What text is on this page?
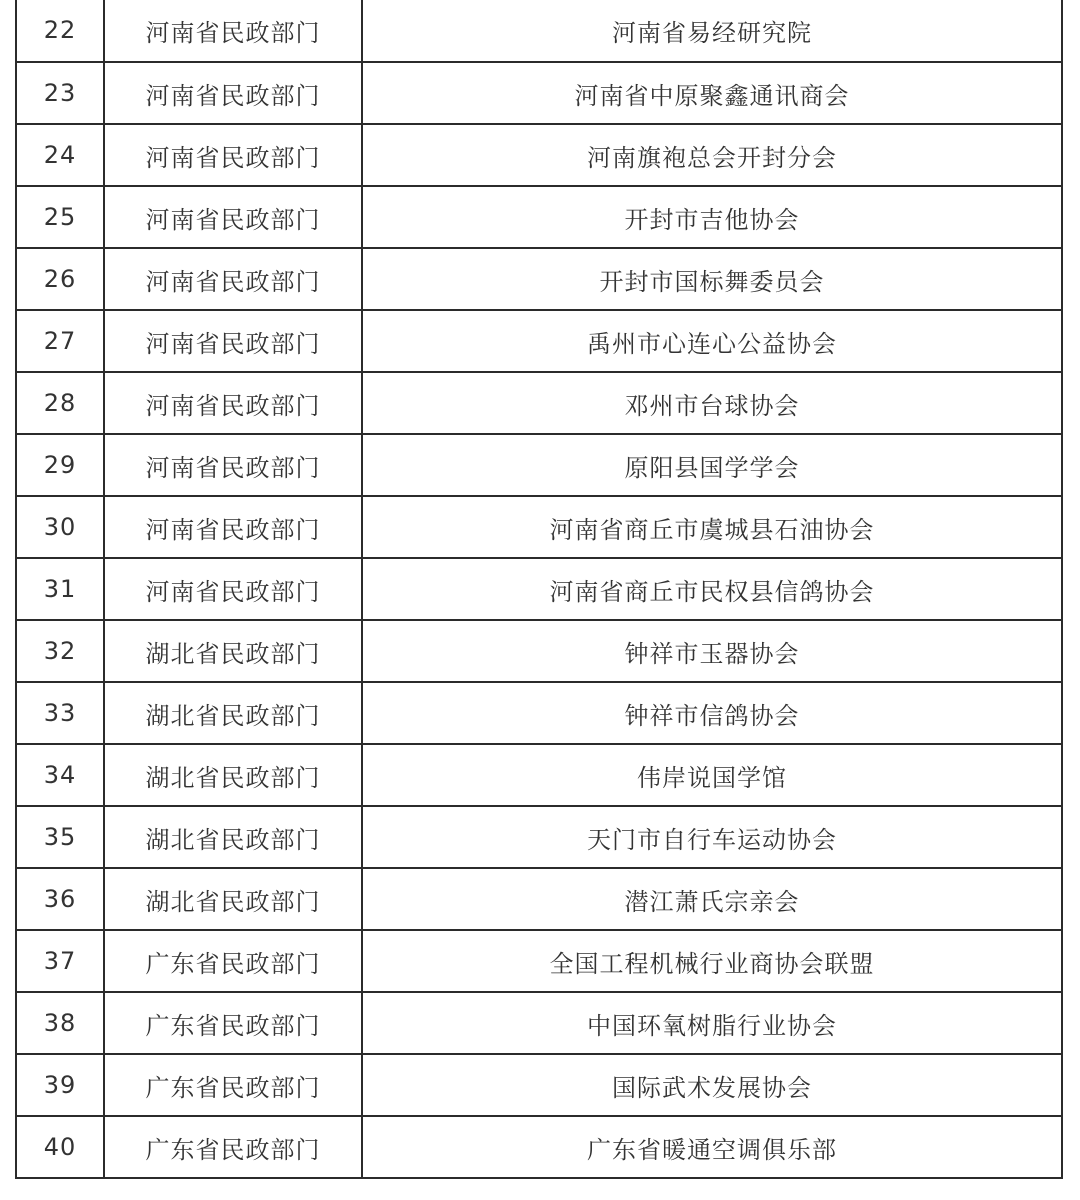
22	河南省民政部门	河南省易经研究院
23	河南省民政部门	河南省中原聚鑫通讯商会
24	河南省民政部门	河南旗袍总会开封分会
25	河南省民政部门	开封市吉他协会
26	河南省民政部门	开封市国标舞委员会
27	河南省民政部门	禹州市心连心公益协会
28	河南省民政部门	邓州市台球协会
29	河南省民政部门	原阳县国学学会
30	河南省民政部门	河南省商丘市虞城县石油协会
31	河南省民政部门	河南省商丘市民权县信鸽协会
32	湖北省民政部门	钟祥市玉器协会
33	湖北省民政部门	钟祥市信鸽协会
34	湖北省民政部门	伟岸说国学馆
35	湖北省民政部门	天门市自行车运动协会
36	湖北省民政部门	潜江萧氏宗亲会
37	广东省民政部门	全国工程机械行业商协会联盟
38	广东省民政部门	中国环氧树脂行业协会
39	广东省民政部门	国际武术发展协会
40	广东省民政部门	广东省暖通空调俱乐部
